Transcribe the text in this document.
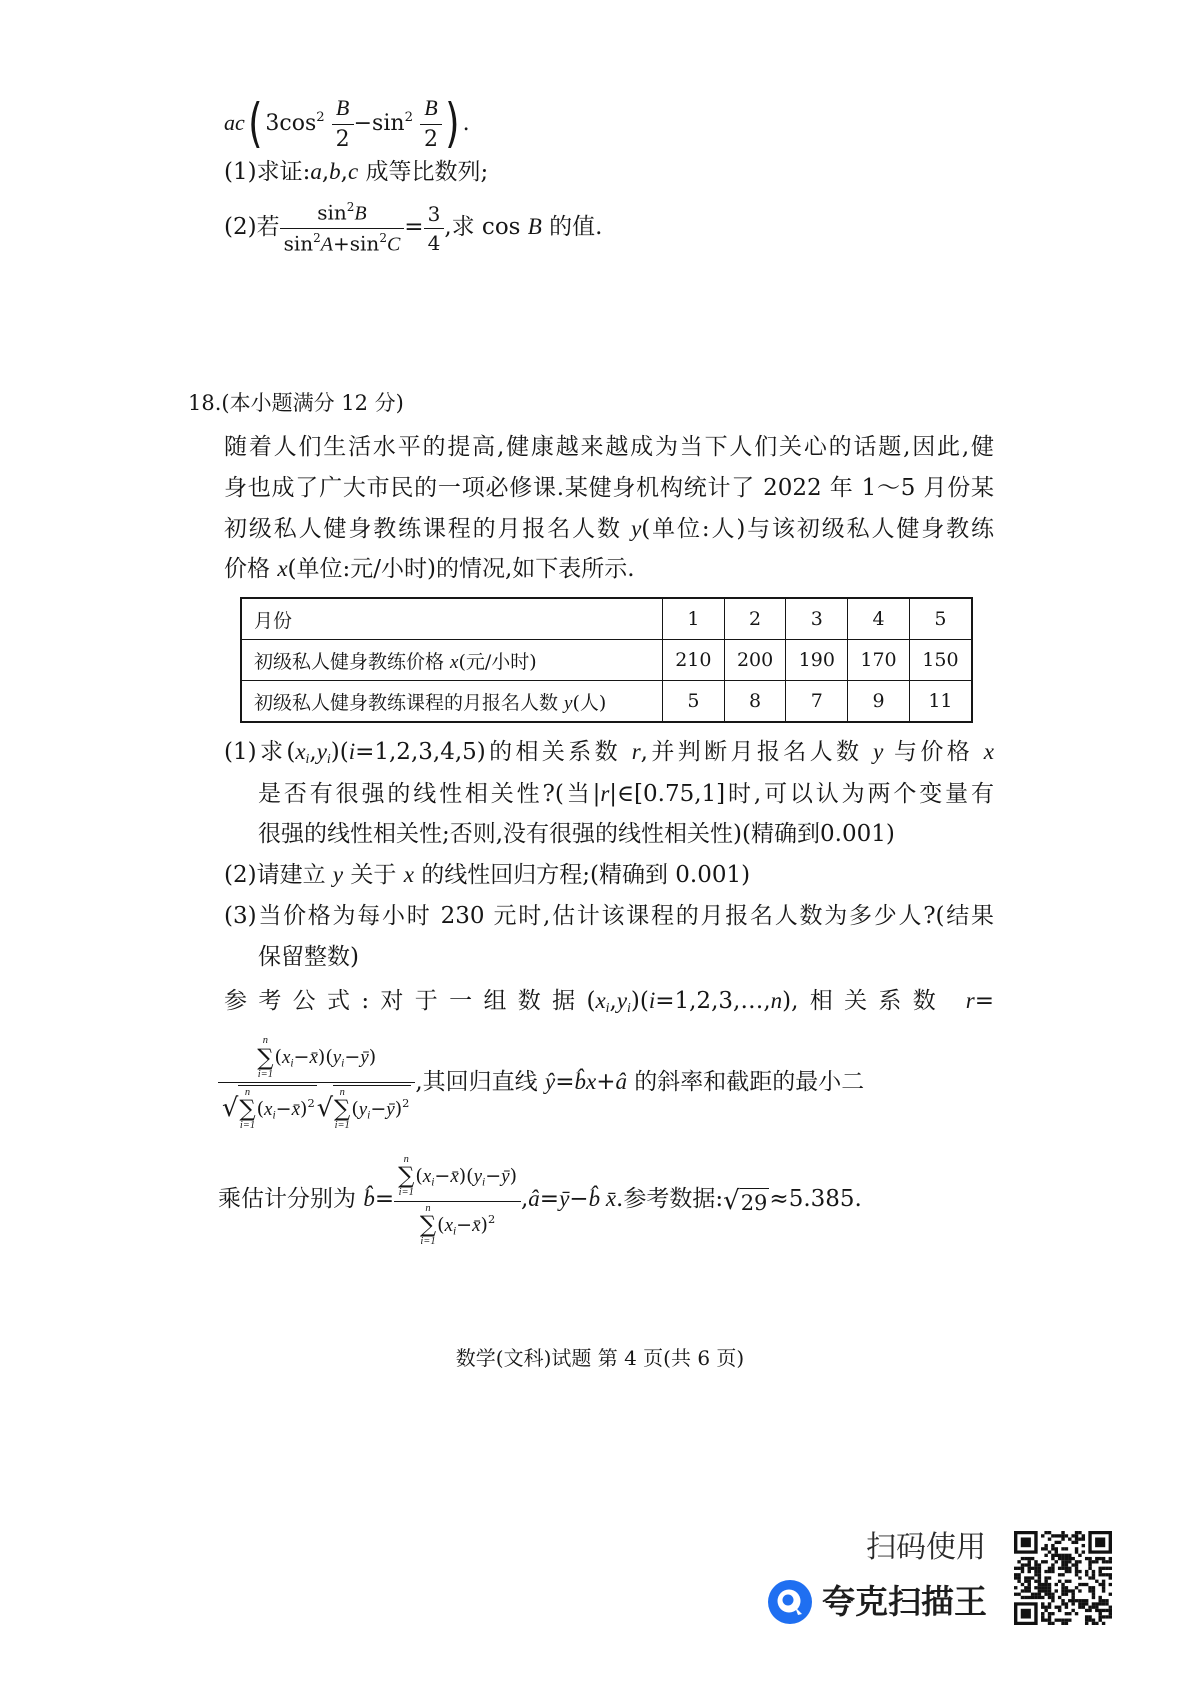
ac( $3\cos^2 \frac{B}{2} -\sin^2 \frac{B}{2}$ ) .
(1)求证:a,b,c 成等比数列;
(2)若 $\frac{\sin^2B}{\sin^2A+\sin^2C} = \frac{3}{4}$ ,求 cos B 的值.
18.(本小题满分 12 分)
随着人们生活水平的提高,健康越来越成为当下人们关心的话题,因此,健
身也成了广大市民的一项必修课.某健身机构统计了 2022 年 1～5 月份某
初级私人健身教练课程的月报名人数 y(单位:人)与该初级私人健身教练
价格 x(单位:元/小时)的情况,如下表所示.
月份	1	2	3	4	5
初级私人健身教练价格 x(元/小时)	210	200	190	170	150
初级私人健身教练课程的月报名人数 y(人)	5	8	7	9	11
(1)求$(x_i,y_i)(i=1,2,3,4,5)$的相关系数 r,并判断月报名人数 y 与价格 x
是否有很强的线性相关性?(当|r|∈[0.75,1]时,可以认为两个变量有
很强的线性相关性;否则,没有很强的线性相关性)(精确到0.001)
(2)请建立 y 关于 x 的线性回归方程;(精确到 0.001)
(3)当价格为每小时 230 元时,估计该课程的月报名人数为多少人?(结果
保留整数)
参考公式:对于一组数据$(x_i,y_i)(i=1,2,3,\dots,n)$,相关系数 r=
n
∑
i=1
$(x_i-x̄)(y_i-ȳ)$
√
n
∑
i=1
$(x_i-x̄)^2√$
n
∑
i=1
$(y_i-ȳ)^2$ ,其回归直线 ŷ=b̂x+â 的斜率和截距的最小二
乘估计分别为 b̂= n
∑
i=1
$(x_i-x̄)(y_i-ȳ)$
n
∑
i=1
$(x_i-x̄)^2$ ,â=ȳ−b̂ x̄.参考数据:√29≈5.385.
数学(文科)试题 第 4 页(共 6 页)
扫码使用
夸克扫描王
